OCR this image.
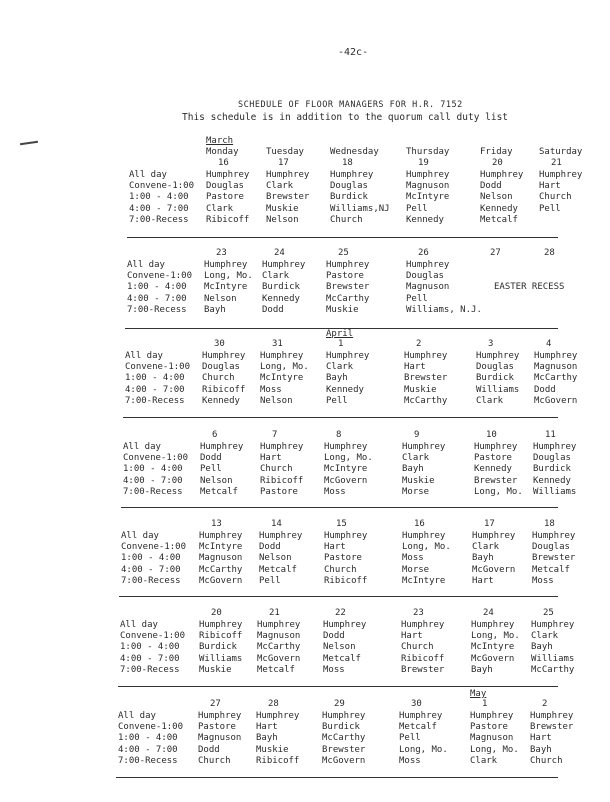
-42c-
SCHEDULE OF FLOOR MANAGERS FOR H.R. 7152
This schedule is in addition to the quorum call duty list
All day
Convene-1:00
1:00 - 4:00
4:00 - 7:00
7:00-Recess
March
Monday
16
Humphrey
Douglas
Pastore
Clark
Ribicoff
Tuesday
17
Humphrey
Clark
Brewster
Muskie
Nelson
Wednesday
18
Humphrey
Douglas
Burdick
Williams,NJ
Church
Thursday
19
Humphrey
Magnuson
McIntyre
Pell
Kennedy
Friday
20
Humphrey
Dodd
Nelson
Kennedy
Metcalf
Saturday
21
Humphrey
Hart
Church
Pell
All day
Convene-1:00
1:00 - 4:00
4:00 - 7:00
7:00-Recess
23
Humphrey
Long, Mo.
McIntyre
Nelson
Bayh
24
Humphrey
Clark
Burdick
Kennedy
Dodd
25
Humphrey
Pastore
Brewster
McCarthy
Muskie
26
Humphrey
Douglas
Magnuson
Pell
Williams, N.J.
27	28
EASTER RECESS
All day
Convene-1:00
1:00 - 4:00
4:00 - 7:00
7:00-Recess
April
30
Humphrey
Douglas
Church
Ribicoff
Kennedy
31
Humphrey
Long, Mo.
McIntyre
Moss
Nelson
1
Humphrey
Clark
Bayh
Kennedy
Pell
2
Humphrey
Hart
Brewster
Muskie
McCarthy
3
Humphrey
Douglas
Burdick
Williams
Clark
4
Humphrey
Magnuson
McCarthy
Dodd
McGovern
All day
Convene-1:00
1:00 - 4:00
4:00 - 7:00
7:00-Recess
6
Humphrey
Dodd
Pell
Nelson
Metcalf
7
Humphrey
Hart
Church
Ribicoff
Pastore
8
Humphrey
Long, Mo.
McIntyre
McGovern
Moss
9
Humphrey
Clark
Bayh
Muskie
Morse
10
Humphrey
Pastore
Kennedy
Brewster
Long, Mo.
11
Humphrey
Douglas
Burdick
Kennedy
Williams
All day
Convene-1:00
1:00 - 4:00
4:00 - 7:00
7:00-Recess
13
Humphrey
McIntyre
Magnuson
McCarthy
McGovern
14
Humphrey
Dodd
Nelson
Metcalf
Pell
15
Humphrey
Hart
Pastore
Church
Ribicoff
16
Humphrey
Long, Mo.
Moss
Morse
McIntyre
17
Humphrey
Clark
Bayh
McGovern
Hart
18
Humphrey
Douglas
Brewster
Metcalf
Moss
All day
Convene-1:00
1:00 - 4:00
4:00 - 7:00
7:00-Recess
20
Humphrey
Ribicoff
Burdick
Williams
Muskie
21
Humphrey
Magnuson
McCarthy
McGovern
Metcalf
22
Humphrey
Dodd
Nelson
Metcalf
Moss
23
Humphrey
Hart
Church
Ribicoff
Brewster
24
Humphrey
Long, Mo.
McIntyre
McGovern
Bayh
25
Humphrey
Clark
Bayh
Williams
McCarthy
All day
Convene-1:00
1:00 - 4:00
4:00 - 7:00
7:00-Recess
May
27
Humphrey
Pastore
Magnuson
Dodd
Church
28
Humphrey
Hart
Bayh
Muskie
Ribicoff
29
Humphrey
Burdick
McCarthy
Brewster
McGovern
30
Humphrey
Metcalf
Pell
Long, Mo.
Moss
1
Humphrey
Pastore
Magnuson
Long, Mo.
Clark
2
Humphrey
Brewster
Hart
Bayh
Church
